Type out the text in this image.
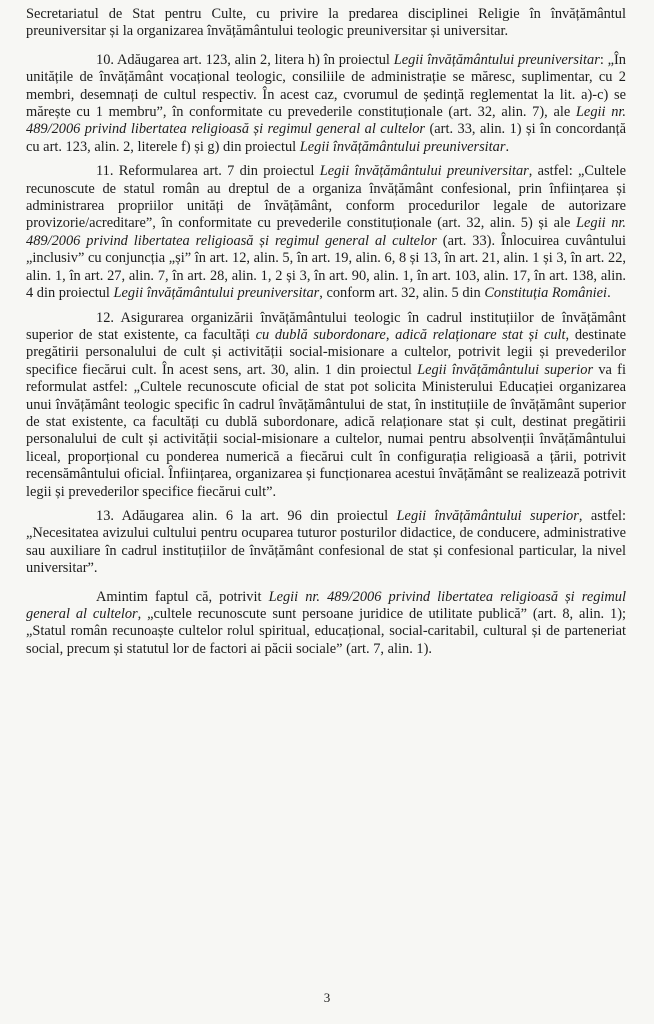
Secretariatul de Stat pentru Culte, cu privire la predarea disciplinei Religie în învățământul preuniversitar și la organizarea învățământului teologic preuniversitar și universitar.

10. Adăugarea art. 123, alin 2, litera h) în proiectul Legii învățământului preuniversitar: „În unitățile de învățământ vocațional teologic, consiliile de administrație se măresc, suplimentar, cu 2 membri, desemnați de cultul respectiv. În acest caz, cvorumul de ședință reglementat la lit. a)-c) se mărește cu 1 membru”, în conformitate cu prevederile constituționale (art. 32, alin. 7), ale Legii nr. 489/2006 privind libertatea religioasă și regimul general al cultelor (art. 33, alin. 1) și în concordanță cu art. 123, alin. 2, literele f) și g) din proiectul Legii învățământului preuniversitar.

11. Reformularea art. 7 din proiectul Legii învățământului preuniversitar, astfel: „Cultele recunoscute de statul român au dreptul de a organiza învățământ confesional, prin înființarea și administrarea propriilor unități de învățământ, conform procedurilor legale de autorizare provizorie/acreditare”, în conformitate cu prevederile constituționale (art. 32, alin. 5) și ale Legii nr. 489/2006 privind libertatea religioasă și regimul general al cultelor (art. 33). Înlocuirea cuvântului „inclusiv” cu conjuncția „și” în art. 12, alin. 5, în art. 19, alin. 6, 8 și 13, în art. 21, alin. 1 și 3, în art. 22, alin. 1, în art. 27, alin. 7, în art. 28, alin. 1, 2 și 3, în art. 90, alin. 1, în art. 103, alin. 17, în art. 138, alin. 4 din proiectul Legii învățământului preuniversitar, conform art. 32, alin. 5 din Constituția României.

12. Asigurarea organizării învățământului teologic în cadrul instituțiilor de învățământ superior de stat existente, ca facultăți cu dublă subordonare, adică relaționare stat și cult, destinate pregătirii personalului de cult și activității social-misionare a cultelor, potrivit legii și prevederilor specifice fiecărui cult. În acest sens, art. 30, alin. 1 din proiectul Legii învățământului superior va fi reformulat astfel: „Cultele recunoscute oficial de stat pot solicita Ministerului Educației organizarea unui învățământ teologic specific în cadrul învățământului de stat, în instituțiile de învățământ superior de stat existente, ca facultăți cu dublă subordonare, adică relaționare stat și cult, destinat pregătirii personalului de cult și activității social-misionare a cultelor, numai pentru absolvenții învățământului liceal, proporțional cu ponderea numerică a fiecărui cult în configurația religioasă a țării, potrivit recensământului oficial. Înființarea, organizarea și funcționarea acestui învățământ se realizează potrivit legii și prevederilor specifice fiecărui cult”.

13. Adăugarea alin. 6 la art. 96 din proiectul Legii învățământului superior, astfel: „Necesitatea avizului cultului pentru ocuparea tuturor posturilor didactice, de conducere, administrative sau auxiliare în cadrul instituțiilor de învățământ confesional de stat și confesional particular, la nivel universitar”.

Amintim faptul că, potrivit Legii nr. 489/2006 privind libertatea religioasă și regimul general al cultelor, „cultele recunoscute sunt persoane juridice de utilitate publică” (art. 8, alin. 1); „Statul român recunoaște cultelor rolul spiritual, educațional, social-caritabil, cultural și de parteneriat social, precum și statutul lor de factori ai păcii sociale” (art. 7, alin. 1).

3
